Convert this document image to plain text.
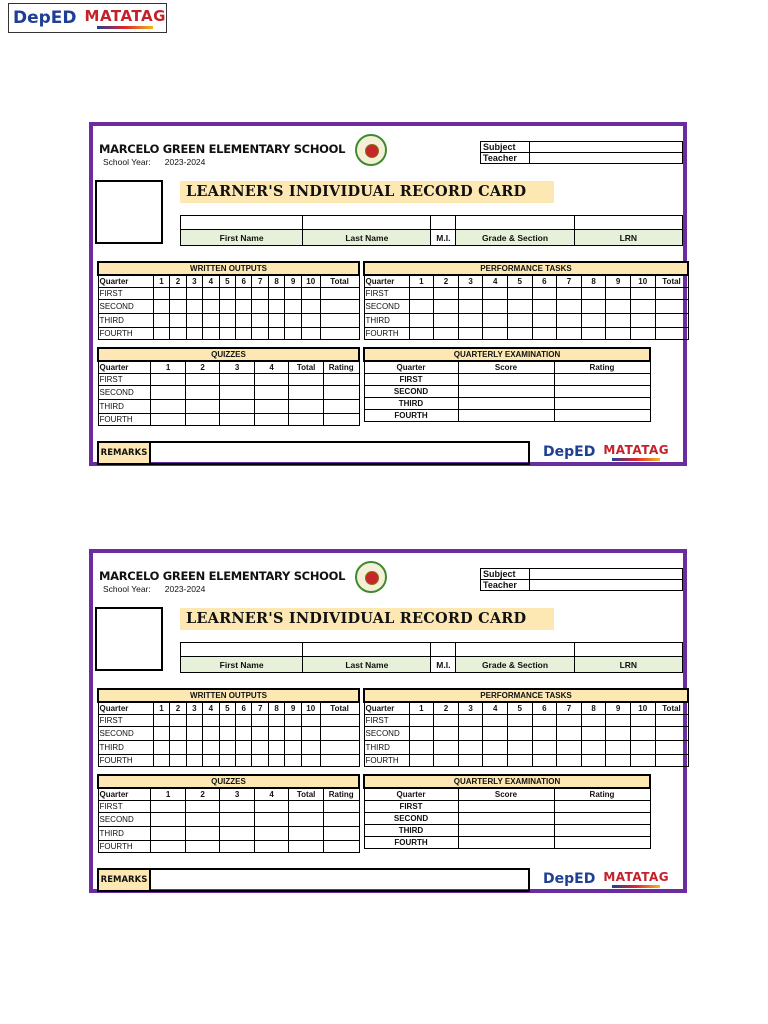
DepED MATATAG
MARCELO GREEN ELEMENTARY SCHOOL
School Year: 2023-2024
Subject	
Teacher	
LEARNER'S INDIVIDUAL RECORD CARD

First Name	Last Name	M.I.	Grade & Section	LRN
WRITTEN OUTPUTS											
Quarter	1	2	3	4	5	6	7	8	9	10	Total
FIRST											
SECOND											
THIRD											
FOURTH											
PERFORMANCE TASKS											
Quarter	1	2	3	4	5	6	7	8	9	10	Total
FIRST											
SECOND											
THIRD											
FOURTH											
QUIZZES						
Quarter	1	2	3	4	Total	Rating
FIRST						
SECOND						
THIRD						
FOURTH						
QUARTERLY EXAMINATION		
Quarter	Score	Rating
FIRST		
SECOND		
THIRD		
FOURTH		
REMARKS	DepED MATATAG
MARCELO GREEN ELEMENTARY SCHOOL
School Year: 2023-2024
Subject	
Teacher	
LEARNER'S INDIVIDUAL RECORD CARD

First Name	Last Name	M.I.	Grade & Section	LRN
WRITTEN OUTPUTS											
Quarter	1	2	3	4	5	6	7	8	9	10	Total
FIRST											
SECOND											
THIRD											
FOURTH											
PERFORMANCE TASKS											
Quarter	1	2	3	4	5	6	7	8	9	10	Total
FIRST											
SECOND											
THIRD											
FOURTH											
QUIZZES						
Quarter	1	2	3	4	Total	Rating
FIRST						
SECOND						
THIRD						
FOURTH						
QUARTERLY EXAMINATION		
Quarter	Score	Rating
FIRST		
SECOND		
THIRD		
FOURTH		
REMARKS	DepED MATATAG
